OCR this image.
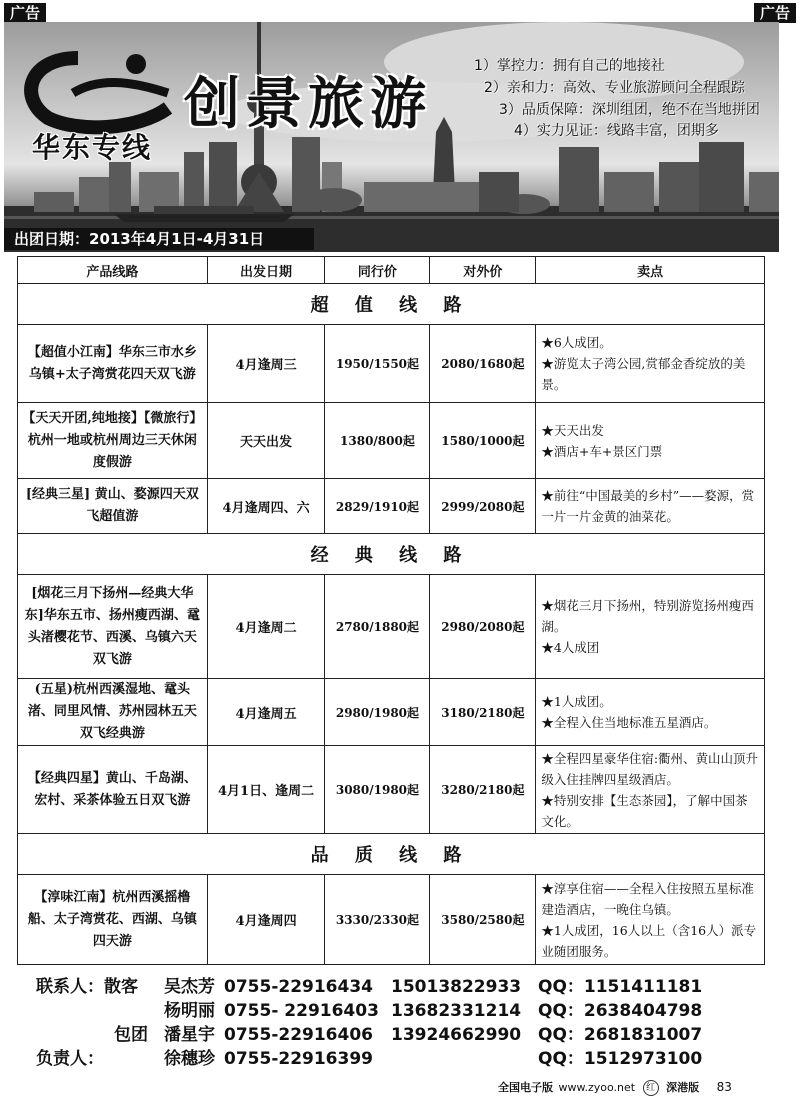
广告	广告
创景旅游
华东专线
1）掌控力：拥有自己的地接社
2）亲和力：高效、专业旅游顾问全程跟踪
3）品质保障：深圳组团，绝不在当地拼团
4）实力见证：线路丰富，团期多
出团日期：2013年4月1日-4月31日
产品线路	出发日期	同行价	对外价	卖点
超 值 线 路				
【超值小江南】华东三市水乡乌镇+太子湾赏花四天双飞游	4月逢周三	1950/1550起	2080/1680起	★6人成团。
★游览太子湾公园,赏郁金香绽放的美景。

【天天开团,纯地接】【微旅行】杭州一地或杭州周边三天休闲度假游	天天出发	1380/800起	1580/1000起	★天天出发
★酒店+车+景区门票

[经典三星] 黄山、婺源四天双飞超值游	4月逢周四、六	2829/1910起	2999/2080起	★前往“中国最美的乡村”——婺源，赏一片一片金黄的油菜花。

经 典 线 路				
[烟花三月下扬州—经典大华东]华东五市、扬州瘦西湖、鼋头渚樱花节、西溪、乌镇六天双飞游	4月逢周二	2780/1880起	2980/2080起	★烟花三月下扬州，特别游览扬州瘦西湖。
★4人成团

(五星)杭州西溪湿地、鼋头渚、同里风情、苏州园林五天双飞经典游	4月逢周五	2980/1980起	3180/2180起	★1人成团。
★全程入住当地标准五星酒店。

【经典四星】黄山、千岛湖、宏村、采茶体验五日双飞游	4月1日、逢周二	3080/1980起	3280/2180起	★全程四星豪华住宿:衢州、黄山山顶升级入住挂牌四星级酒店。
★特别安排【生态茶园】，了解中国茶文化。

品 质 线 路				
【淳味江南】杭州西溪摇橹船、太子湾赏花、西湖、乌镇四天游	4月逢周四	3330/2330起	3580/2580起	★淳享住宿——全程入住按照五星标准建造酒店，一晚住乌镇。
★1人成团，16人以上（含16人）派专业随团服务。
联系人：散客 吴杰芳 0755-22916434 15013822933 QQ：1151411181
杨明丽 0755- 22916403 13682331214 QQ：2638404798
包团 潘星宇 0755-22916406 13924662990 QQ：2681831007
负责人：	徐穗珍 0755-22916399	QQ：1512973100
全国电子版 www.zyoo.net 红 深港版 83
